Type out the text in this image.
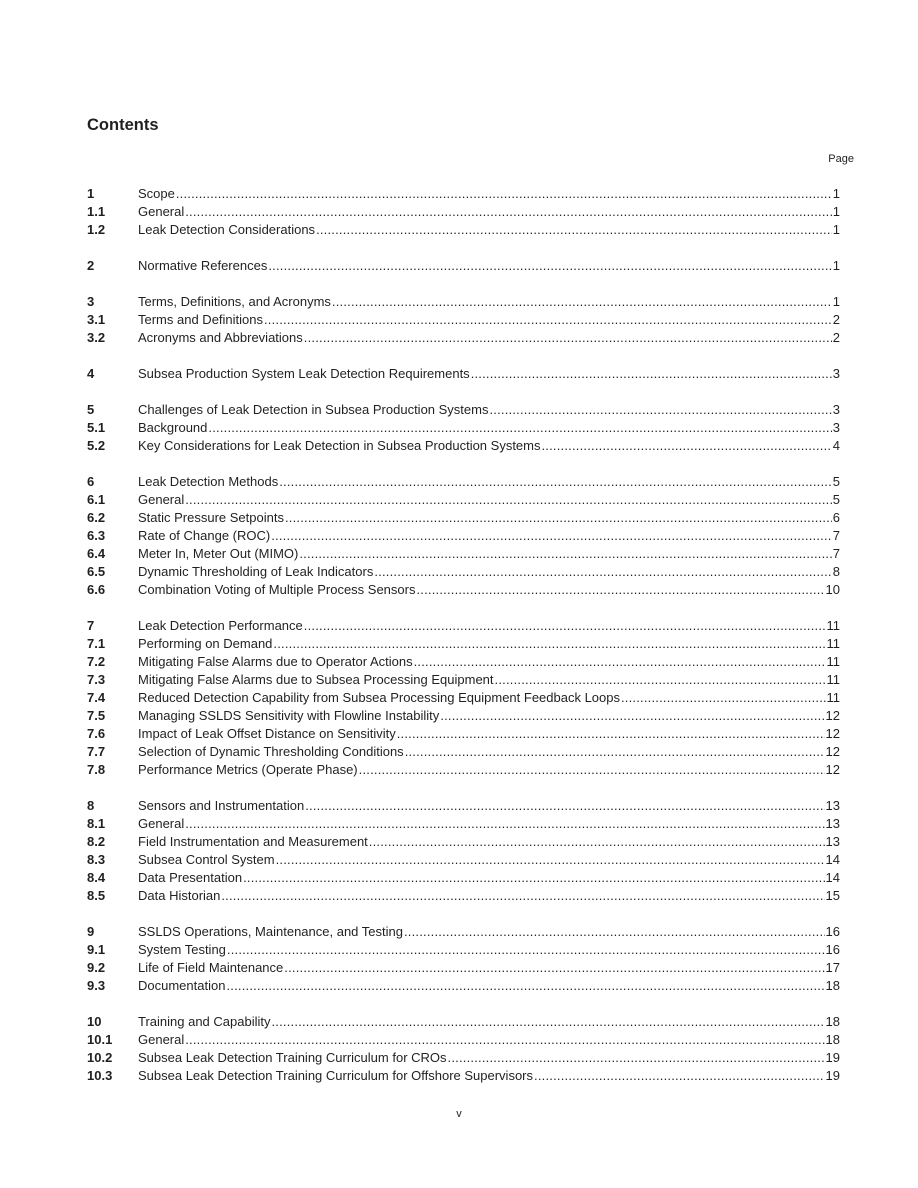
Contents
Page
1	Scope .....	1
1.1	General .....	1
1.2	Leak Detection Considerations .....	1
2	Normative References .....	1
3	Terms, Definitions, and Acronyms .....	1
3.1	Terms and Definitions .....	2
3.2	Acronyms and Abbreviations .....	2
4	Subsea Production System Leak Detection Requirements .....	3
5	Challenges of Leak Detection in Subsea Production Systems .....	3
5.1	Background .....	3
5.2	Key Considerations for Leak Detection in Subsea Production Systems .....	4
6	Leak Detection Methods .....	5
6.1	General .....	5
6.2	Static Pressure Setpoints .....	6
6.3	Rate of Change (ROC) .....	7
6.4	Meter In, Meter Out (MIMO) .....	7
6.5	Dynamic Thresholding of Leak Indicators .....	8
6.6	Combination Voting of Multiple Process Sensors .....	10
7	Leak Detection Performance .....	11
7.1	Performing on Demand .....	11
7.2	Mitigating False Alarms due to Operator Actions .....	11
7.3	Mitigating False Alarms due to Subsea Processing Equipment .....	11
7.4	Reduced Detection Capability from Subsea Processing Equipment Feedback Loops .....	11
7.5	Managing SSLDS Sensitivity with Flowline Instability .....	12
7.6	Impact of Leak Offset Distance on Sensitivity .....	12
7.7	Selection of Dynamic Thresholding Conditions .....	12
7.8	Performance Metrics (Operate Phase) .....	12
8	Sensors and Instrumentation .....	13
8.1	General .....	13
8.2	Field Instrumentation and Measurement .....	13
8.3	Subsea Control System .....	14
8.4	Data Presentation .....	14
8.5	Data Historian .....	15
9	SSLDS Operations, Maintenance, and Testing .....	16
9.1	System Testing .....	16
9.2	Life of Field Maintenance .....	17
9.3	Documentation .....	18
10	Training and Capability .....	18
10.1	General .....	18
10.2	Subsea Leak Detection Training Curriculum for CROs .....	19
10.3	Subsea Leak Detection Training Curriculum for Offshore Supervisors .....	19
v
